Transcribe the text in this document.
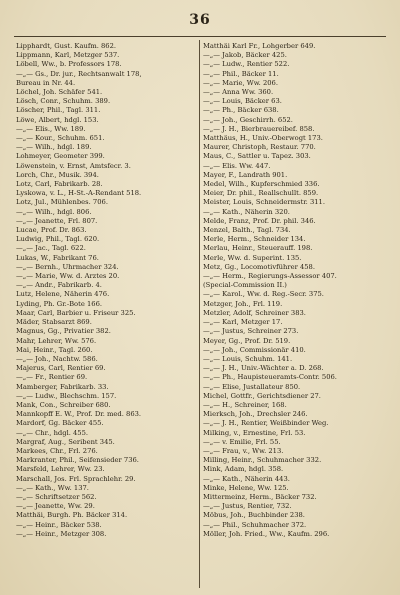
36
Lipphardt, Gust. Kaufm. 862.
Lippmann, Karl, Metzger 537.
Löbell, Ww., b. Professors 178.
—„— Gs., Dr. jur., Rechtsanwalt 178,
Bureau in Nr. 44.
Löchel, Joh. Schäfer 541.
Lösch, Conr., Schuhm. 389.
Löscher, Phil., Tagl. 311.
Löwe, Albert, hdgl. 153.
—„— Elis., Ww. 189.
—„— Kour., Schuhm. 651.
—„— Wilh., hdgl. 189.
Lohmeyer, Geometer 399.
Löwenstein, v. Ernst, Amtsfecr. 3.
Lorch, Chr., Musik. 394.
Lotz, Carl, Fabrikarb. 28.
Lyskowa, v. L., H-St.-A-Rendant 518.
Lotz, Jul., Mühlenbes. 706.
—„— Wilh., hdgl. 806.
—„— Jeanette, Frl. 807.
Lucae, Prof. Dr. 863.
Ludwig, Phil., Tagl. 620.
—„— Jac., Tagl. 622.
Lukas, W., Fabrikant 76.
—„— Bernh., Uhrmacher 324.
—„— Marie, Ww. d. Arztes 20.
—„— Andr., Fabrikarb. 4.
Lutz, Helene, Näherin 476.
Lyding, Ph. Gr.-Bote 166.
Maar, Carl, Barbier u. Friseur 325.
Mäder, Stabsarzt 869.
Magnus, Gg., Privatier 382.
Mahr, Lehrer, Ww. 576.
Mai, Heinr., Tagl. 260.
—„— Joh., Nachtw. 586.
Majerus, Carl, Rentier 69.
—„— Fr., Rentier 69.
Mamberger, Fabrikarb. 33.
—„— Ludw., Blechschm. 157.
Mank, Con., Schreiber 680.
Mannkopff E. W., Prof. Dr. med. 863.
Mardorf, Gg. Bäcker 455.
—„— Chr., hdgl. 455.
Margraf, Aug., Seribent 345.
Markees, Chr., Frl. 276.
Markranter, Phil., Seifensieder 736.
Marsfeld, Lehrer, Ww. 23.
Marschall, Jos. Frl. Sprachlehr. 29.
—„— Kath., Ww. 137.
—„— Schriftsetzer 562.
—„— Jeanette, Ww. 29.
Matthäi, Burgh. Ph. Bäcker 314.
—„— Heinr., Bäcker 538.
—„— Heinr., Metzger 308.
Matthäi Karl Fr., Lohgerber 649.
—„— Jakob, Bäcker 425.
—„— Ludw., Rentier 522.
—„— Phil., Bäcker 11.
—„— Marie, Ww. 206.
—„— Anna Ww. 360.
—„— Louis, Bäcker 63.
—„— Ph., Bäcker 638.
—„— Joh., Geschirrh. 652.
—„— J. H., Bierbrauereibef. 858.
Matthäus, H., Univ.-Oberwogt 173.
Maurer, Christoph, Restaur. 770.
Maus, C., Sattler u. Tapez. 303.
—„— Elis. Ww. 447.
Mayer, F., Landrath 901.
Medel, Wilh., Kupferschmied 336.
Meier, Dr. phil., Reallschullt. 859.
Meister, Louis, Schneidermstr. 311.
—„— Kath., Näherin 320.
Melde, Franz, Prof. Dr. phil. 346.
Menzel, Balth., Tagl. 734.
Merle, Herm., Schneider 134.
Merlau, Heinr., Steuerauff. 198.
Merle, Ww. d. Superint. 135.
Metz, Gg., Locomotivführer 458.
—„— Herm., Regierungs-Assessor 407.
(Special-Commission II.)
—„— Karol., Ww. d. Reg.-Secr. 375.
Metzger, Joh., Frl. 119.
Metzler, Adolf, Schreiner 383.
—„— Karl, Metzger 17.
—„— Justus, Schreiner 273.
Meyer, Gg., Prof. Dr. 519.
—„— Joh., Commissionär 410.
—„— Louis, Schuhm. 141.
—„— J. H., Univ.-Wächter a. D. 268.
—„— Ph., Haupisteueramts-Contr. 506.
—„— Elise, Justallateur 850.
Michel, Gottfr., Gerichtsdiener 27.
—„— H., Schreiner, 168.
Mierksch, Joh., Drechsler 246.
—„— J. H., Rentier, Weißbinder Weg.
Milking, v., Ernestine, Frl. 53.
—„— v. Emilie, Frl. 55.
—„— Frau, v., Ww. 213.
Milling, Heinr., Schuhmacher 332.
Mink, Adam, hdgl. 358.
—„— Kath., Näherin 443.
Minke, Helene, Ww. 125.
Mittermeinz, Herm., Bäcker 732.
—„— Justus, Rentier, 732.
Möbus, Joh., Buchbinder 238.
—„— Phil., Schuhmacher 372.
Möller, Joh. Fried., Ww., Kaufm. 296.
